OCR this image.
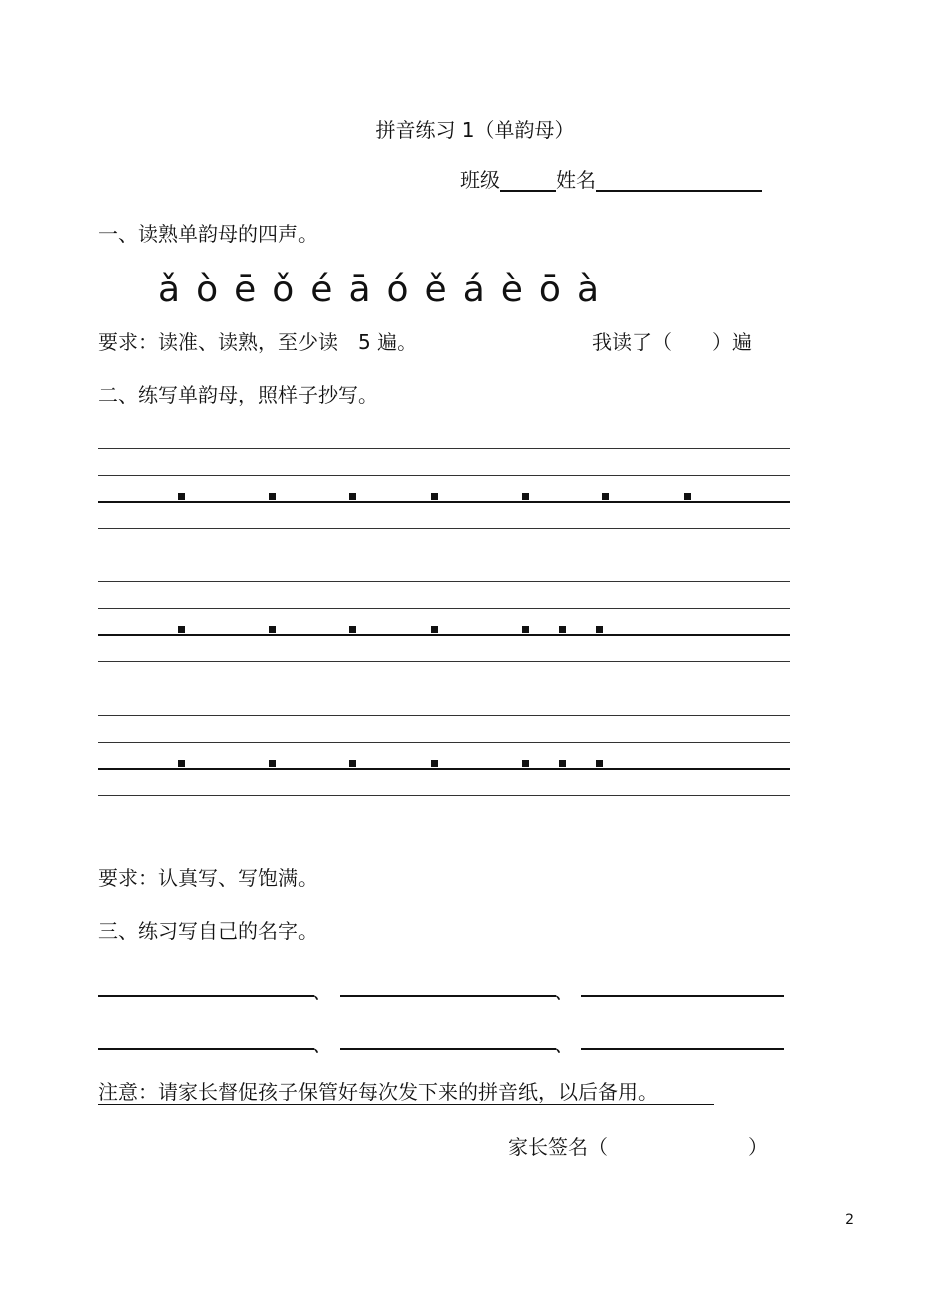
拼音练习 1（单韵母）
班级	姓名
一、读熟单韵母的四声。
ǎ ò ē ǒ é ā ó ě á è ō à
要求：读准、读熟，至少读　5 遍。	我读了（　　）遍
二、练写单韵母，照样子抄写。
要求：认真写、写饱满。
三、练习写自己的名字。
、	、
、	、
注意：请家长督促孩子保管好每次发下来的拼音纸，以后备用。
家长签名（　　　　　　　）
2
